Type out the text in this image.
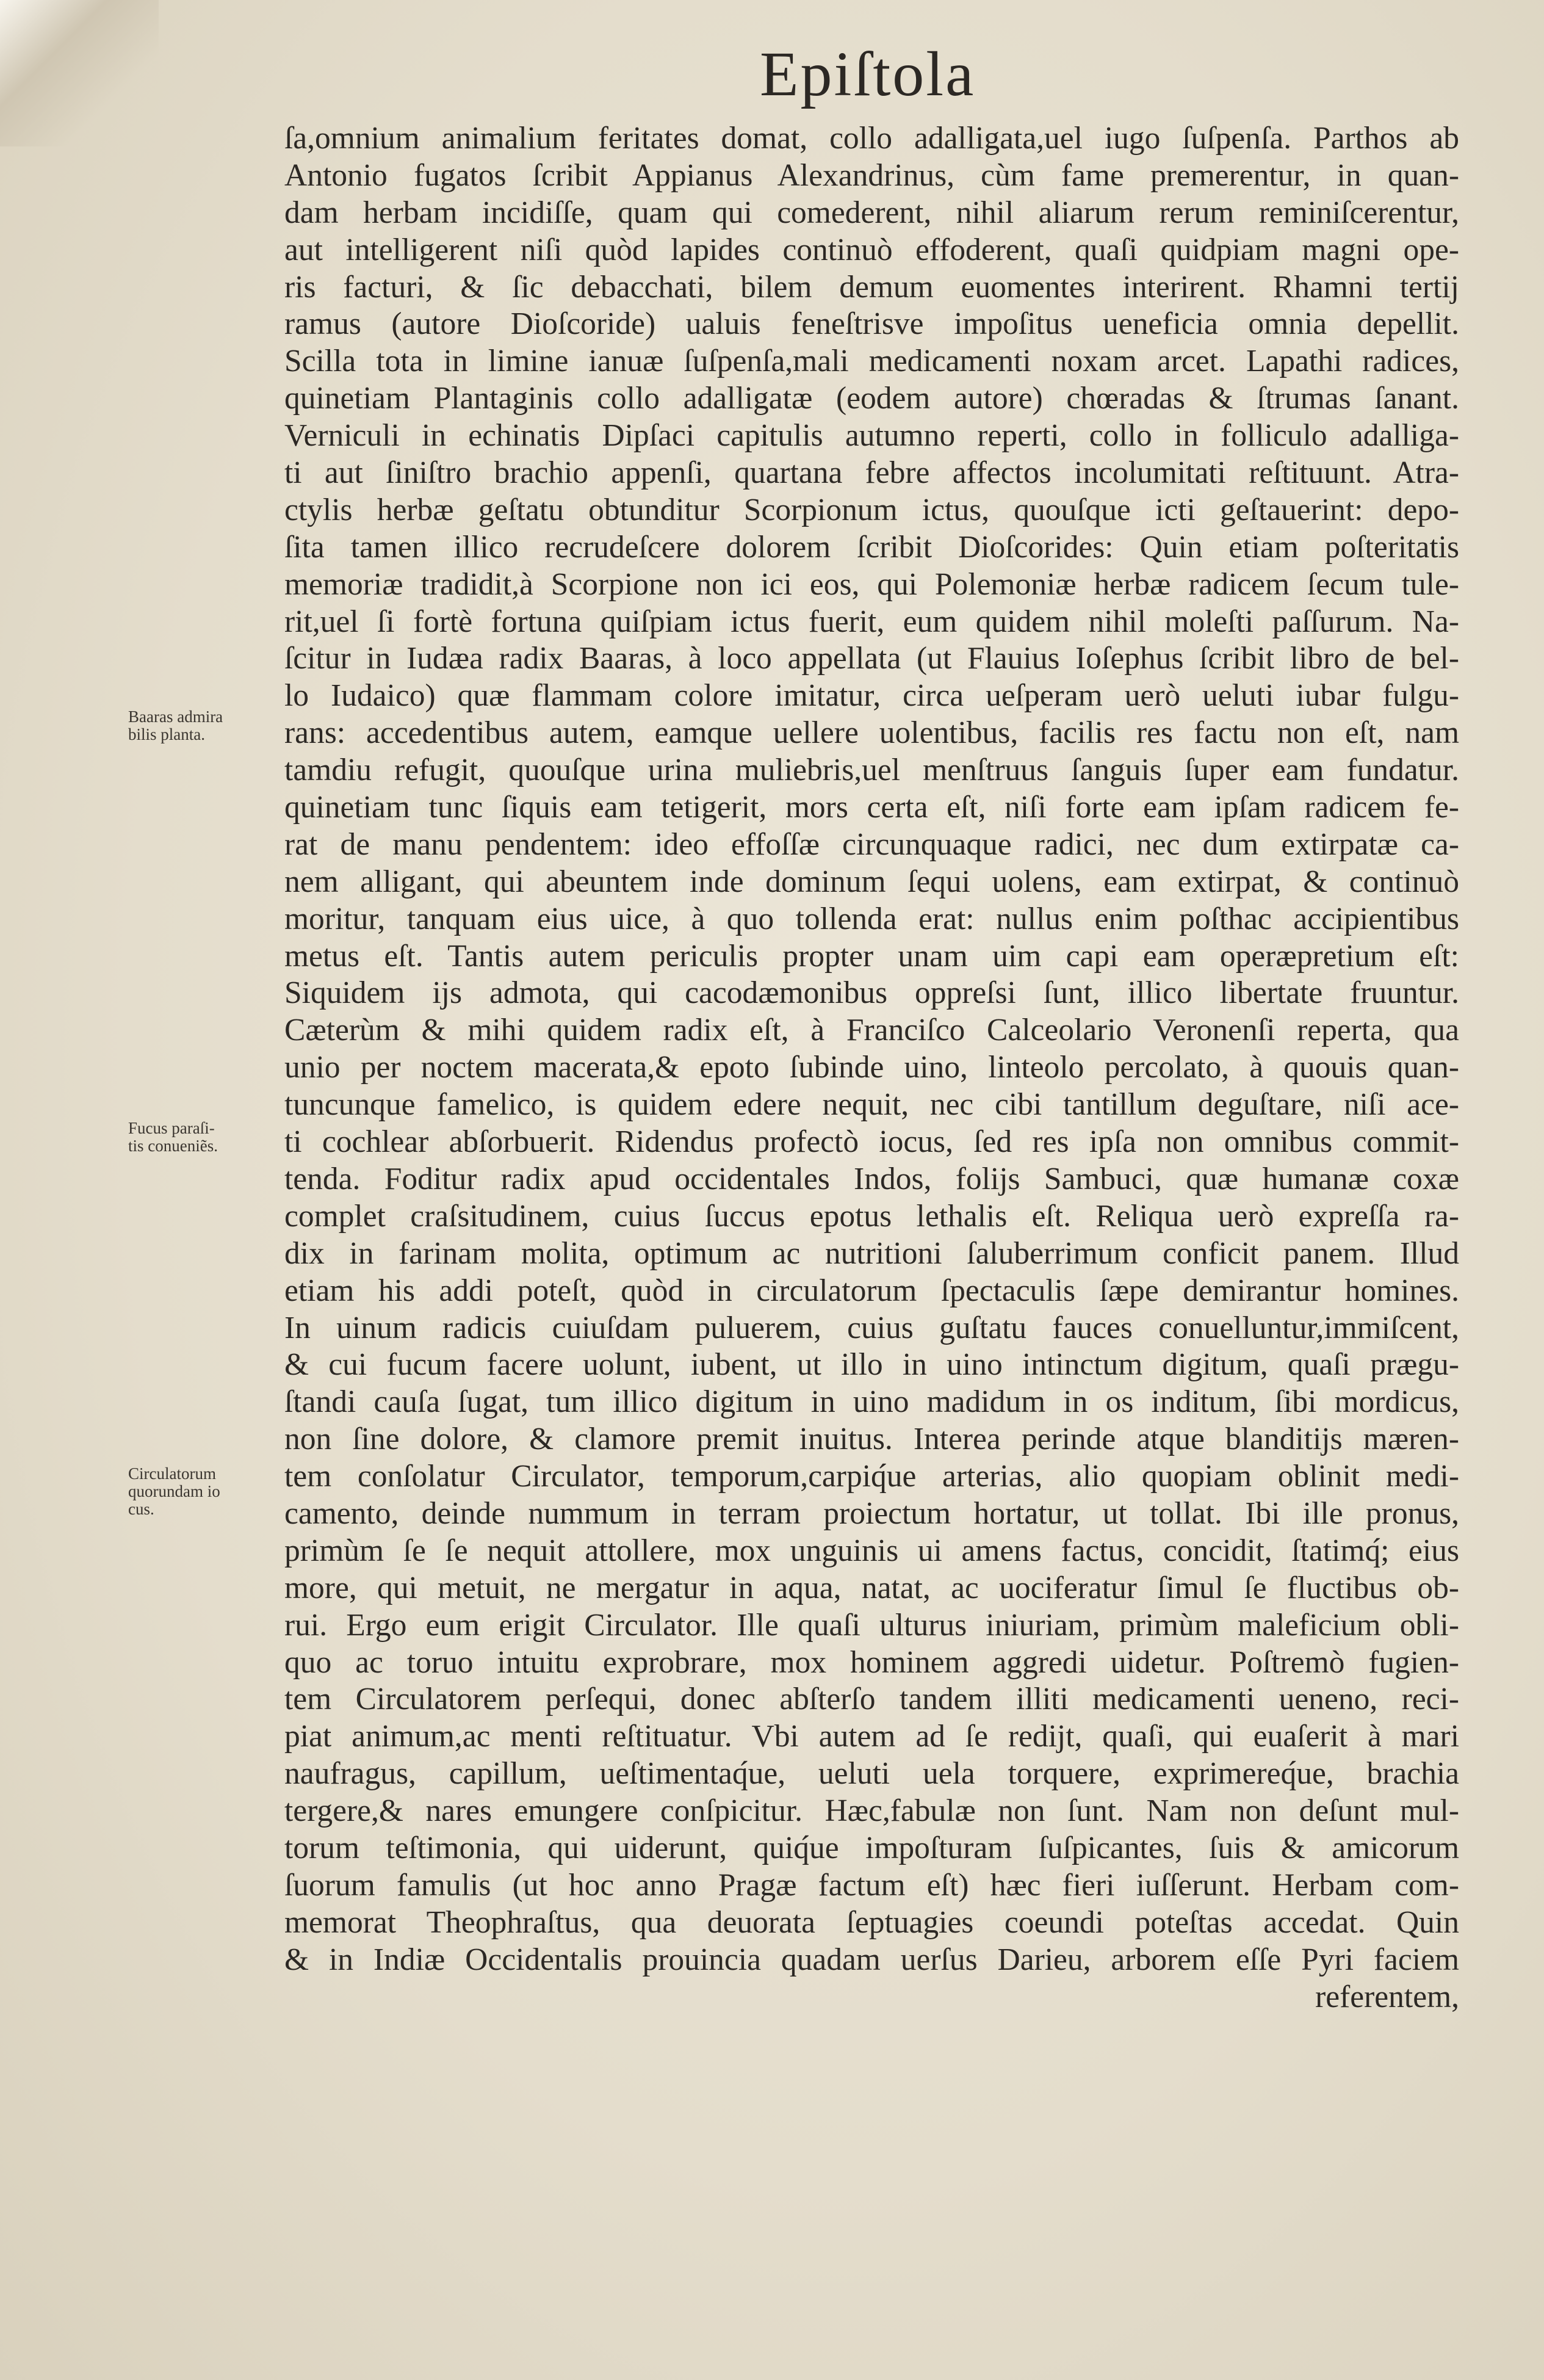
Epiſtola
Baaras admira
bilis planta.
Fucus paraſi-
tis conueniẽs.
Circulatorum
quorundam io
cus.
ſa,omnium animalium feritates domat, collo adalligata,uel iugo ſuſpenſa. Parthos ab
Antonio fugatos ſcribit Appianus Alexandrinus, cùm fame premerentur, in quan-
dam herbam incidiſſe, quam qui comederent, nihil aliarum rerum reminiſcerentur,
aut intelligerent niſi quòd lapides continuò effoderent, quaſi quidpiam magni ope-
ris facturi, & ſic debacchati, bilem demum euomentes interirent. Rhamni tertij
ramus (autore Dioſcoride) ualuis feneſtrisve impoſitus ueneficia omnia depellit.
Scilla tota in limine ianuæ ſuſpenſa,mali medicamenti noxam arcet. Lapathi radices,
quinetiam Plantaginis collo adalligatæ (eodem autore) chœradas & ſtrumas ſanant.
Verniculi in echinatis Dipſaci capitulis autumno reperti, collo in folliculo adalliga-
ti aut ſiniſtro brachio appenſi, quartana febre affectos incolumitati reſtituunt. Atra-
ctylis herbæ geſtatu obtunditur Scorpionum ictus, quouſque icti geſtauerint: depo-
ſita tamen illico recrudeſcere dolorem ſcribit Dioſcorides: Quin etiam poſteritatis
memoriæ tradidit,à Scorpione non ici eos, qui Polemoniæ herbæ radicem ſecum tule-
rit,uel ſi fortè fortuna quiſpiam ictus fuerit, eum quidem nihil moleſti paſſurum. Na-
ſcitur in Iudæa radix Baaras, à loco appellata (ut Flauius Ioſephus ſcribit libro de bel-
lo Iudaico) quæ flammam colore imitatur, circa ueſperam uerò ueluti iubar fulgu-
rans: accedentibus autem, eamque uellere uolentibus, facilis res factu non eſt, nam
tamdiu refugit, quouſque urina muliebris,uel menſtruus ſanguis ſuper eam fundatur.
quinetiam tunc ſiquis eam tetigerit, mors certa eſt, niſi forte eam ipſam radicem fe-
rat de manu pendentem: ideo effoſſæ circunquaque radici, nec dum extirpatæ ca-
nem alligant, qui abeuntem inde dominum ſequi uolens, eam extirpat, & continuò
moritur, tanquam eius uice, à quo tollenda erat: nullus enim poſthac accipientibus
metus eſt. Tantis autem periculis propter unam uim capi eam operæpretium eſt:
Siquidem ijs admota, qui cacodæmonibus oppreſsi ſunt, illico libertate fruuntur.
Cæterùm & mihi quidem radix eſt, à Franciſco Calceolario Veronenſi reperta, qua
unio per noctem macerata,& epoto ſubinde uino, linteolo percolato, à quouis quan-
tuncunque famelico, is quidem edere nequit, nec cibi tantillum deguſtare, niſi ace-
ti cochlear abſorbuerit. Ridendus profectò iocus, ſed res ipſa non omnibus commit-
tenda. Foditur radix apud occidentales Indos, folijs Sambuci, quæ humanæ coxæ
complet craſsitudinem, cuius ſuccus epotus lethalis eſt. Reliqua uerò expreſſa ra-
dix in farinam molita, optimum ac nutritioni ſaluberrimum conficit panem. Illud
etiam his addi poteſt, quòd in circulatorum ſpectaculis ſæpe demirantur homines.
In uinum radicis cuiuſdam puluerem, cuius guſtatu fauces conuelluntur,immiſcent,
& cui fucum facere uolunt, iubent, ut illo in uino intinctum digitum, quaſi prægu-
ſtandi cauſa ſugat, tum illico digitum in uino madidum in os inditum, ſibi mordicus,
non ſine dolore, & clamore premit inuitus. Interea perinde atque blanditijs mæren-
tem conſolatur Circulator, temporum,carpiq́ue arterias, alio quopiam oblinit medi-
camento, deinde nummum in terram proiectum hortatur, ut tollat. Ibi ille pronus,
primùm ſe ſe nequit attollere, mox unguinis ui amens factus, concidit, ſtatimq́; eius
more, qui metuit, ne mergatur in aqua, natat, ac uociferatur ſimul ſe fluctibus ob-
rui. Ergo eum erigit Circulator. Ille quaſi ulturus iniuriam, primùm maleficium obli-
quo ac toruo intuitu exprobrare, mox hominem aggredi uidetur. Poſtremò fugien-
tem Circulatorem perſequi, donec abſterſo tandem illiti medicamenti ueneno, reci-
piat animum,ac menti reſtituatur. Vbi autem ad ſe redijt, quaſi, qui euaſerit à mari
naufragus, capillum, ueſtimentaq́ue, ueluti uela torquere, exprimereq́ue, brachia
tergere,& nares emungere conſpicitur. Hæc,fabulæ non ſunt. Nam non deſunt mul-
torum teſtimonia, qui uiderunt, quiq́ue impoſturam ſuſpicantes, ſuis & amicorum
ſuorum famulis (ut hoc anno Pragæ factum eſt) hæc fieri iuſſerunt. Herbam com-
memorat Theophraſtus, qua deuorata ſeptuagies coeundi poteſtas accedat. Quin
& in Indiæ Occidentalis prouincia quadam uerſus Darieu, arborem eſſe Pyri faciem
referentem,
